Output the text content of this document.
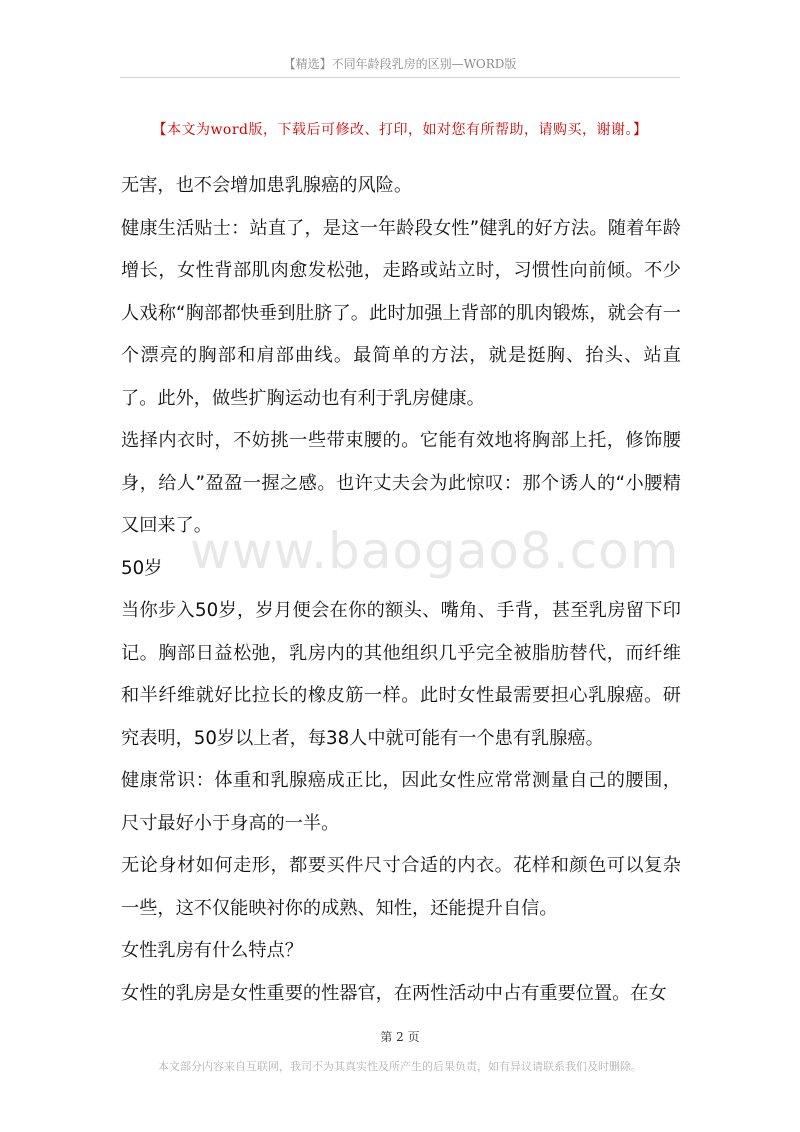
【精选】不同年龄段乳房的区别—WORD版
【本文为word版，下载后可修改、打印，如对您有所帮助，请购买，谢谢。】
www.baogao8.com

无害，也不会增加患乳腺癌的风险。

健康生活贴士：站直了，是这一年龄段女性”健乳的好方法。随着年龄增长，女性背部肌肉愈发松弛，走路或站立时，习惯性向前倾。不少人戏称“胸部都快垂到肚脐了。此时加强上背部的肌肉锻炼，就会有一个漂亮的胸部和肩部曲线。最简单的方法，就是挺胸、抬头、站直了。此外，做些扩胸运动也有利于乳房健康。

选择内衣时，不妨挑一些带束腰的。它能有效地将胸部上托，修饰腰身，给人”盈盈一握之感。也许丈夫会为此惊叹：那个诱人的“小腰精又回来了。

50岁

当你步入50岁，岁月便会在你的额头、嘴角、手背，甚至乳房留下印记。胸部日益松弛，乳房内的其他组织几乎完全被脂肪替代，而纤维和半纤维就好比拉长的橡皮筋一样。此时女性最需要担心乳腺癌。研究表明，50岁以上者，每38人中就可能有一个患有乳腺癌。

健康常识：体重和乳腺癌成正比，因此女性应常常测量自己的腰围，尺寸最好小于身高的一半。

无论身材如何走形，都要买件尺寸合适的内衣。花样和颜色可以复杂一些，这不仅能映衬你的成熟、知性，还能提升自信。

女性乳房有什么特点？

女性的乳房是女性重要的性器官，在两性活动中占有重要位置。在女

第 2 页
本文部分内容来自互联网，我司不为其真实性及所产生的后果负责，如有异议请联系我们及时删除。
